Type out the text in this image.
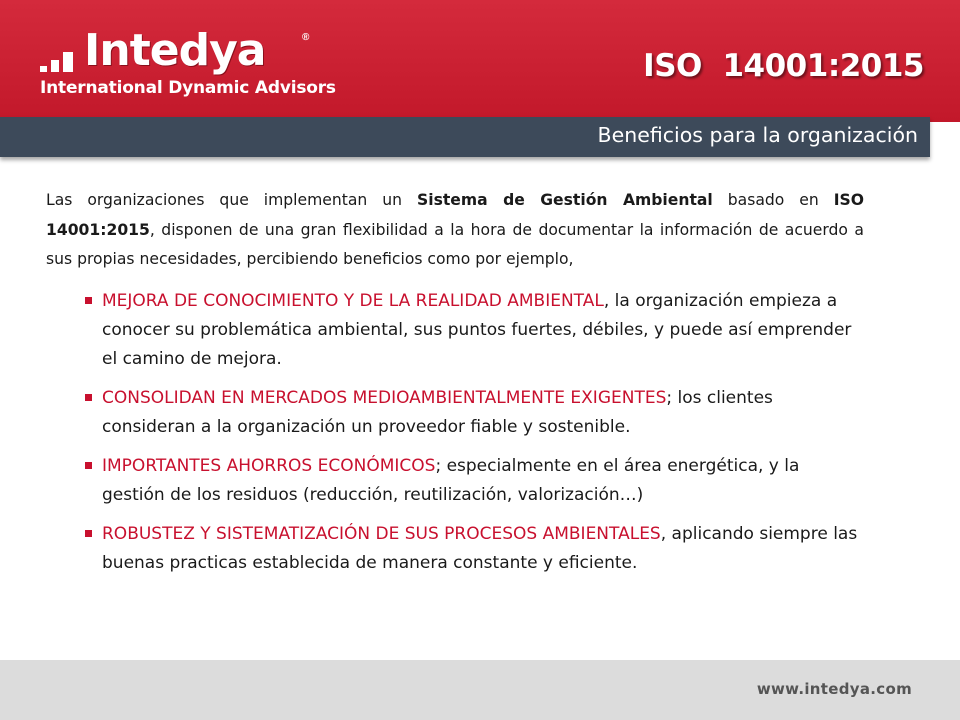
Intedya	®
International Dynamic Advisors
ISO  14001:2015
Beneficios para la organización

Las organizaciones que implementan un Sistema de Gestión Ambiental basado en ISO 14001:2015, disponen de una gran flexibilidad a la hora de documentar la información de acuerdo a sus propias necesidades, percibiendo beneficios como por ejemplo,

MEJORA DE CONOCIMIENTO Y DE LA REALIDAD AMBIENTAL, la organización empieza a conocer su problemática ambiental, sus puntos fuertes, débiles, y puede así emprender el camino de mejora.
CONSOLIDAN EN MERCADOS MEDIOAMBIENTALMENTE EXIGENTES; los clientes consideran a la organización un proveedor fiable y sostenible.
IMPORTANTES AHORROS ECONÓMICOS; especialmente en el área energética, y la gestión de los residuos (reducción, reutilización, valorización…)
ROBUSTEZ Y SISTEMATIZACIÓN DE SUS PROCESOS AMBIENTALES, aplicando siempre las buenas practicas establecida de manera constante y eficiente.
www.intedya.com
